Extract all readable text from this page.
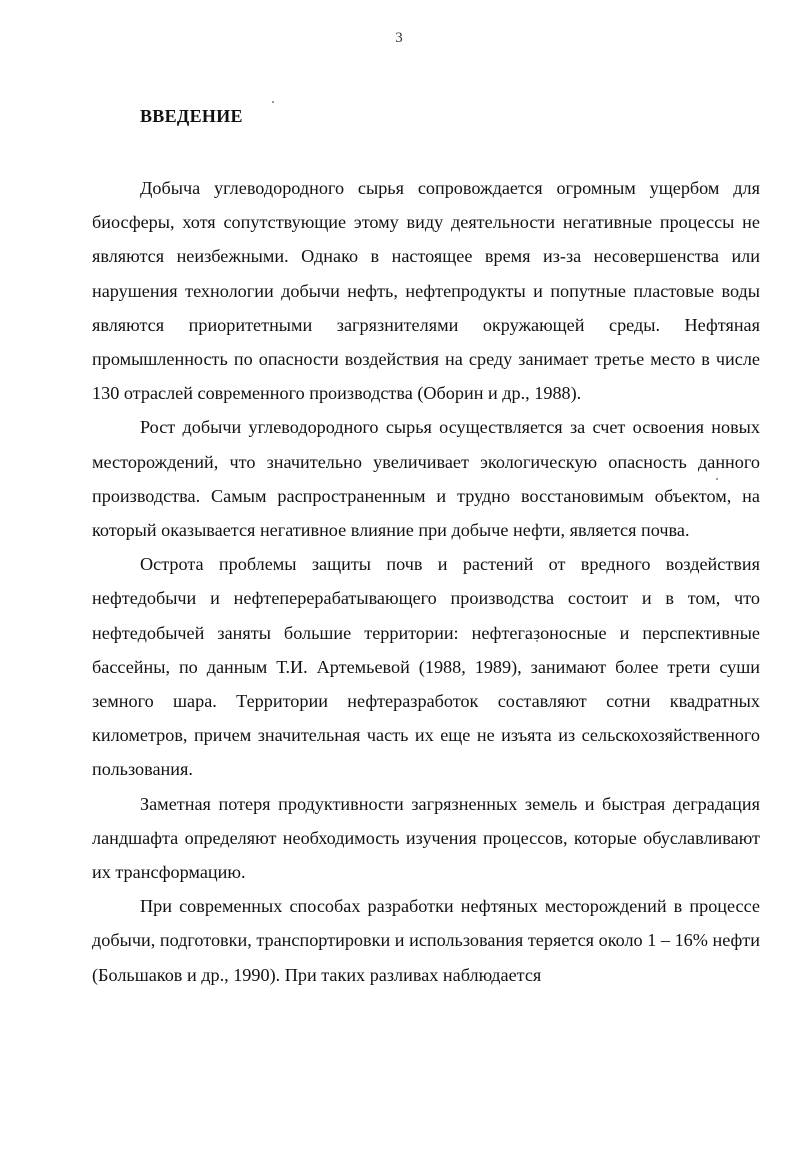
3
ВВЕДЕНИЕ

Добыча углеводородного сырья сопровождается огромным ущербом для биосферы, хотя сопутствующие этому виду деятельности негативные процессы не являются неизбежными. Однако в настоящее время из-за несовершенства или нарушения технологии добычи нефть, нефтепродукты и попутные пластовые воды являются приоритетными загрязнителями окружающей среды. Нефтяная промышленность по опасности воздействия на среду занимает третье место в числе 130 отраслей современного производства (Оборин и др., 1988).

Рост добычи углеводородного сырья осуществляется за счет освоения новых месторождений, что значительно увеличивает экологическую опасность данного производства. Самым распространенным и трудно восстановимым объектом, на который оказывается негативное влияние при добыче нефти, является почва.

Острота проблемы защиты почв и растений от вредного воздействия нефтедобычи и нефтеперерабатывающего производства состоит и в том, что нефтедобычей заняты большие территории: нефтегазоносные и перспективные бассейны, по данным Т.И. Артемьевой (1988, 1989), занимают более трети суши земного шара. Территории нефтеразработок составляют сотни квадратных километров, причем значительная часть их еще не изъята из сельскохозяйственного пользования.

Заметная потеря продуктивности загрязненных земель и быстрая деградация ландшафта определяют необходимость изучения процессов, которые обуславливают их трансформацию.

При современных способах разработки нефтяных месторождений в процессе добычи, подготовки, транспортировки и использования теряется около 1 – 16% нефти (Большаков и др., 1990). При таких разливах наблюдается
